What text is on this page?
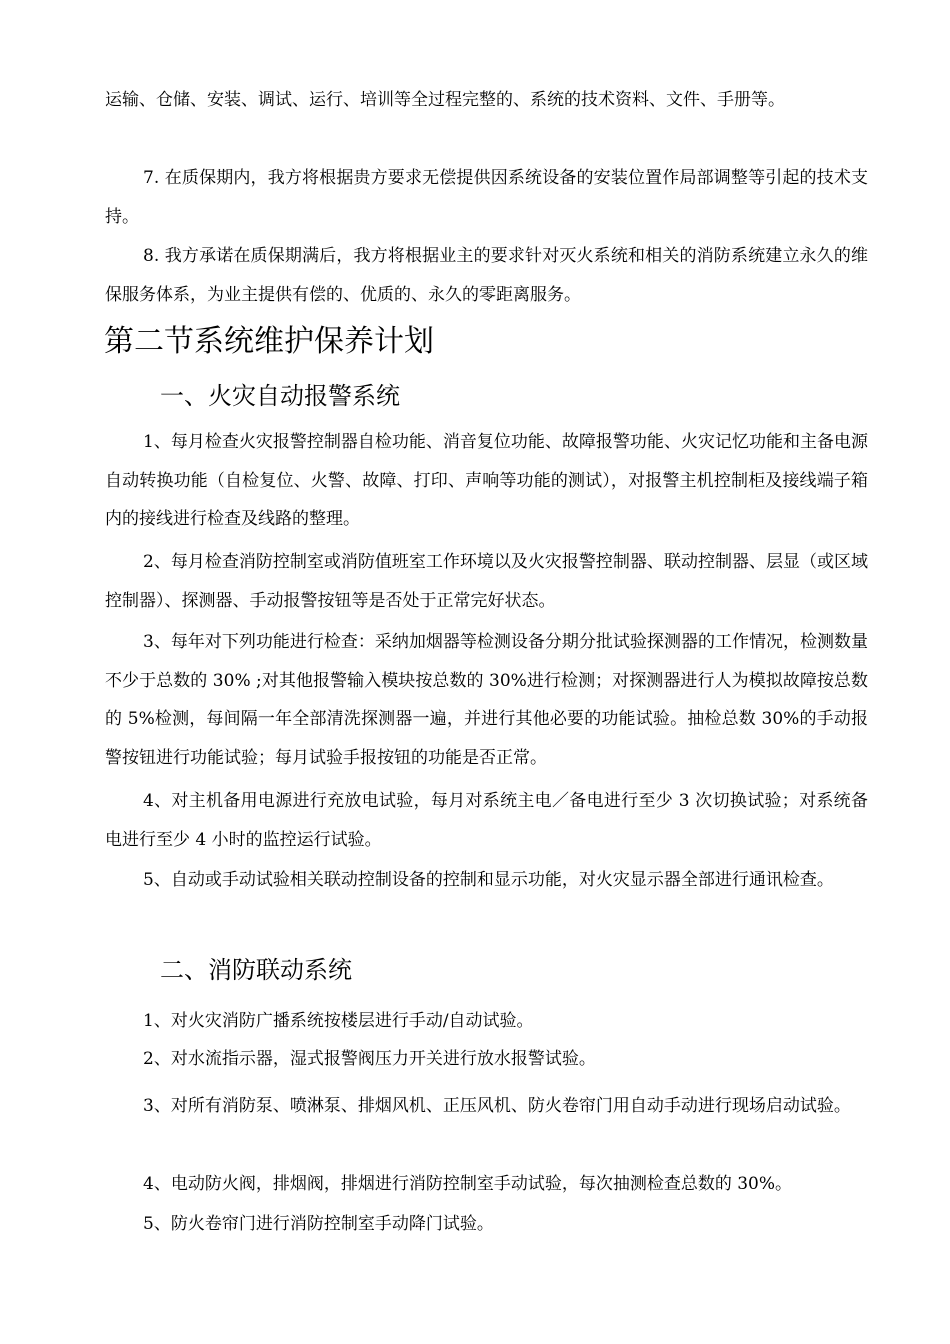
运输、仓储、安装、调试、运行、培训等全过程完整的、系统的技术资料、文件、手册等。

7. 在质保期内，我方将根据贵方要求无偿提供因系统设备的安装位置作局部调整等引起的技术支持。

8. 我方承诺在质保期满后，我方将根据业主的要求针对灭火系统和相关的消防系统建立永久的维保服务体系，为业主提供有偿的、优质的、永久的零距离服务。

第二节系统维护保养计划
一、火灾自动报警系统

1、每月检查火灾报警控制器自检功能、消音复位功能、故障报警功能、火灾记忆功能和主备电源自动转换功能（自检复位、火警、故障、打印、声响等功能的测试），对报警主机控制柜及接线端子箱内的接线进行检查及线路的整理。

2、每月检查消防控制室或消防值班室工作环境以及火灾报警控制器、联动控制器、层显（或区域控制器）、探测器、手动报警按钮等是否处于正常完好状态。

3、每年对下列功能进行检查：采纳加烟器等检测设备分期分批试验探测器的工作情况，检测数量不少于总数的 30% ;对其他报警输入模块按总数的 30%进行检测；对探测器进行人为模拟故障按总数的 5%检测，每间隔一年全部清洗探测器一遍，并进行其他必要的功能试验。抽检总数 30%的手动报警按钮进行功能试验；每月试验手报按钮的功能是否正常。

4、对主机备用电源进行充放电试验，每月对系统主电／备电进行至少 3 次切换试验；对系统备电进行至少 4 小时的监控运行试验。

5、自动或手动试验相关联动控制设备的控制和显示功能，对火灾显示器全部进行通讯检查。

二、消防联动系统

1、对火灾消防广播系统按楼层进行手动/自动试验。

2、对水流指示器，湿式报警阀压力开关进行放水报警试验。

3、对所有消防泵、喷淋泵、排烟风机、正压风机、防火卷帘门用自动手动进行现场启动试验。

4、电动防火阀，排烟阀，排烟进行消防控制室手动试验，每次抽测检查总数的 30%。

5、防火卷帘门进行消防控制室手动降门试验。
